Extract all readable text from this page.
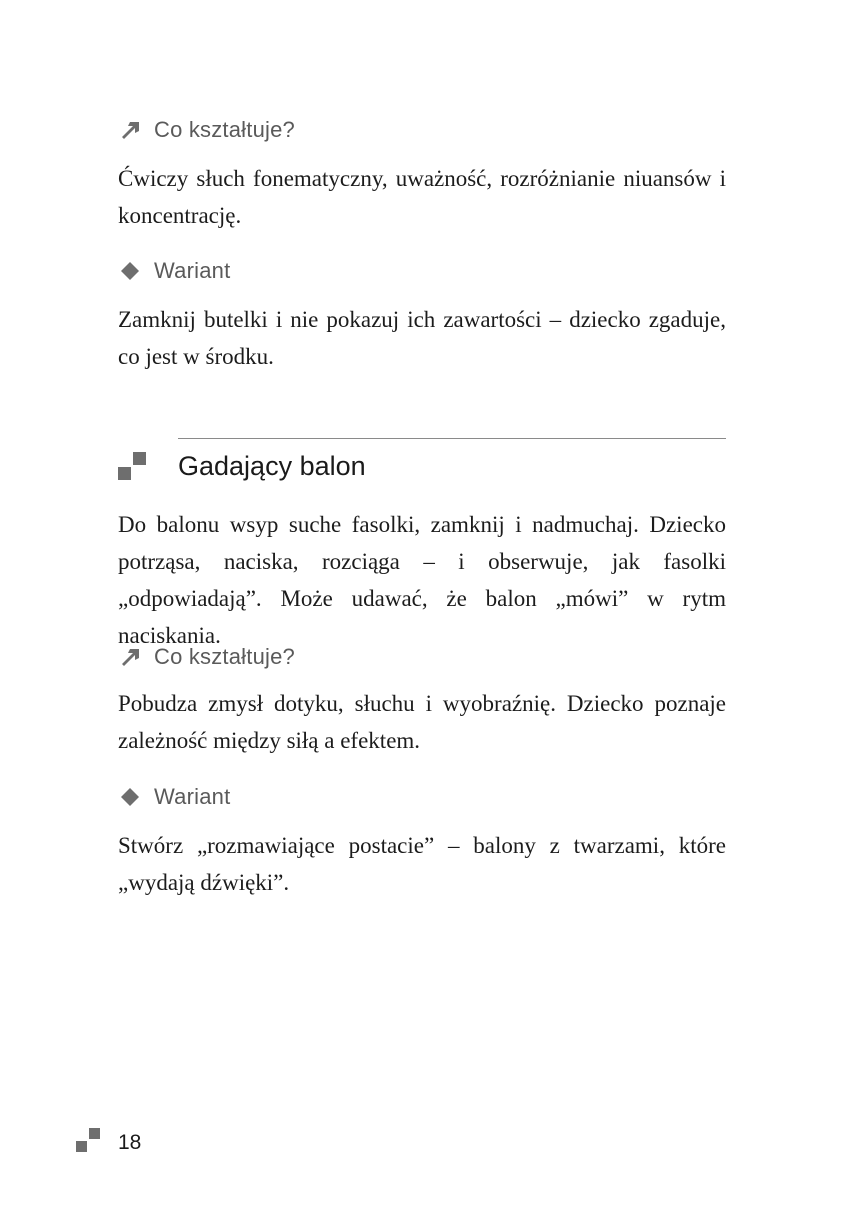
Co kształtuje?

Ćwiczy słuch fonematyczny, uważność, rozróżnianie niuansów i koncentrację.

Wariant

Zamknij butelki i nie pokazuj ich zawartości – dziecko zgaduje, co jest w środku.

Gadający balon

Do balonu wsyp suche fasolki, zamknij i nadmuchaj. Dziecko potrząsa, naciska, rozciąga – i obserwuje, jak fasolki „odpowiadają”. Może udawać, że balon „mówi” w rytm naciskania.

Co kształtuje?

Pobudza zmysł dotyku, słuchu i wyobraźnię. Dziecko poznaje zależność między siłą a efektem.

Wariant

Stwórz „rozmawiające postacie” – balony z twarzami, które „wydają dźwięki”.

18
